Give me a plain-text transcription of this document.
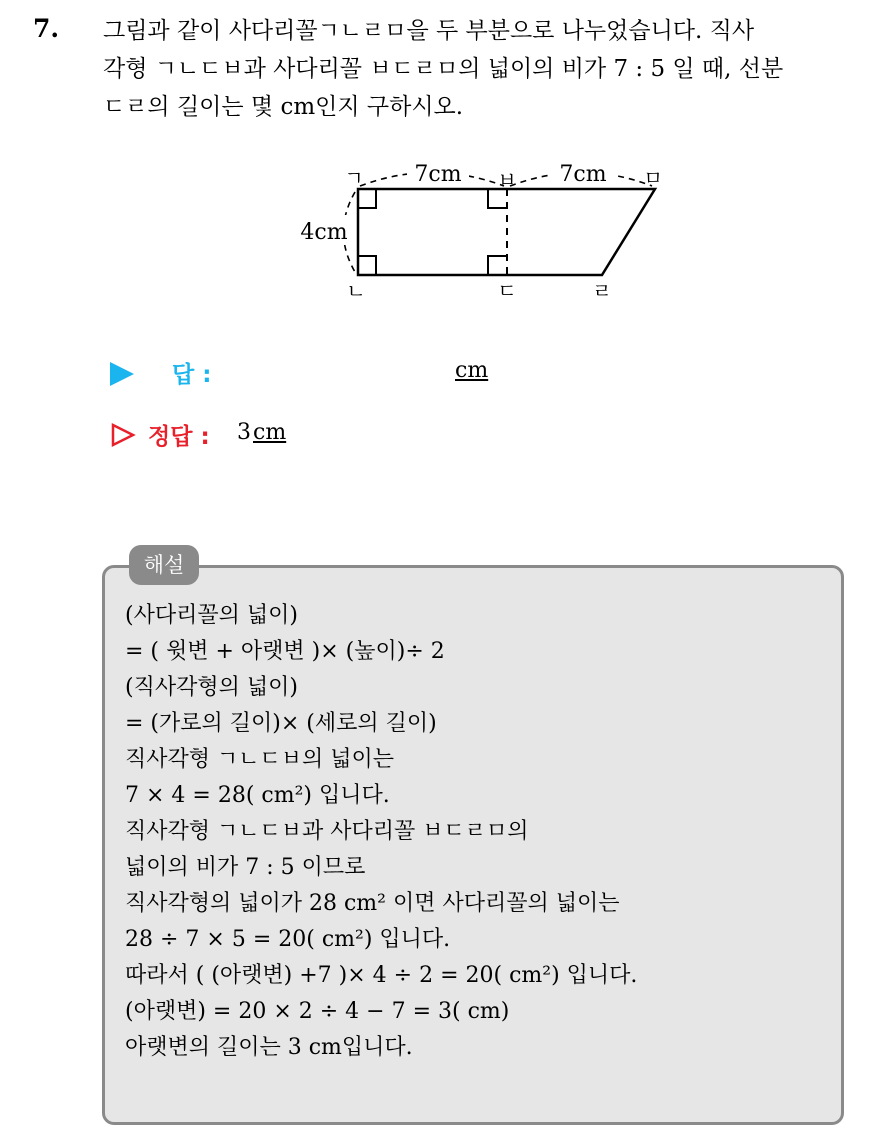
7. 그림과 같이 사다리꼴ㄱㄴㄹㅁ을 두 부분으로 나누었습니다. 직사
각형 ㄱㄴㄷㅂ과 사다리꼴 ㅂㄷㄹㅁ의 넓이의 비가 7 : 5 일 때, 선분
ㄷㄹ의 길이는 몇 cm인지 구하시오.
7cm	7cm
4cm
ㄱ	ㅂ	ㅁ
ㄴ	ㄷ	ㄹ
답 :	cm
정답 : 3cm
해설
(사다리꼴의 넓이)
= ( 윗변 + 아랫변 )× (높이)÷ 2
(직사각형의 넓이)
= (가로의 길이)× (세로의 길이)
직사각형 ㄱㄴㄷㅂ의 넓이는
7 × 4 = 28( cm²) 입니다.
직사각형 ㄱㄴㄷㅂ과 사다리꼴 ㅂㄷㄹㅁ의
넓이의 비가 7 : 5 이므로
직사각형의 넓이가 28 cm² 이면 사다리꼴의 넓이는
28 ÷ 7 × 5 = 20( cm²) 입니다.
따라서 ( (아랫변) +7 )× 4 ÷ 2 = 20( cm²) 입니다.
(아랫변) = 20 × 2 ÷ 4 − 7 = 3( cm)
아랫변의 길이는 3 cm입니다.
